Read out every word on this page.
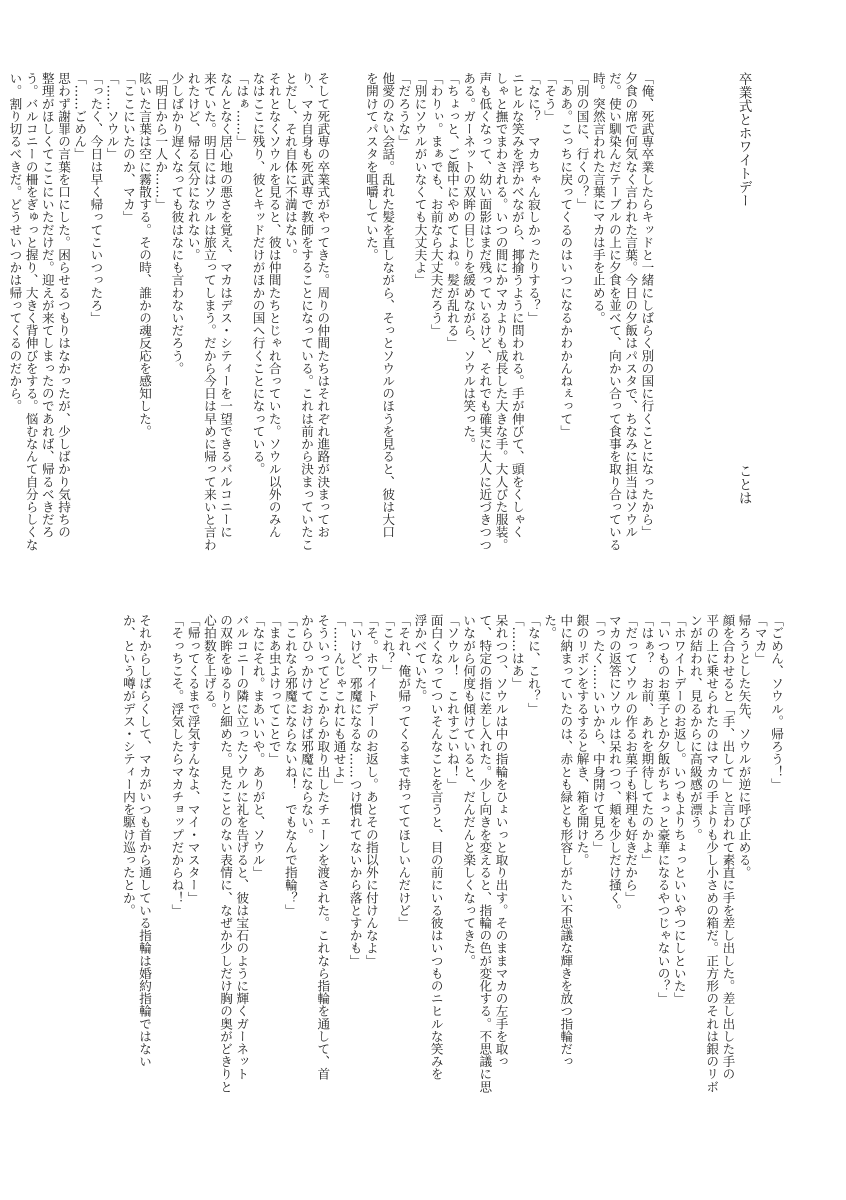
卒業式とホワイトデー　　　　　　　　　　　　　　　　　　　ことは

「俺、死武専卒業したらキッドと一緒にしばらく別の国に行くことになったから」
夕食の席で何気なく言われた言葉。今日の夕飯はパスタで、ちなみに担当はソウル
だ。使い馴染んだテーブルの上に夕食を並べて、向かい合って食事を取り合っている
時。突然言われた言葉にマカは手を止める。
「別の国に、行くの？」
「ああ。こっちに戻ってくるのはいつになるかわかんねぇって」
「そう」
「なに？　マカちゃん寂しかったりする？」
ニヒルな笑みを浮かべながら、揶揄うように問われる。手が伸びて、頭をくしゃく
しゃと撫でまわされる。いつの間にかマカよりも成長した大きな手。大人びた服装。
声も低くなって、幼い面影はまだ残っているけど、それでも確実に大人に近づきつつ
ある。ガーネットの双眸の目じりを緩めながら、ソウルは笑った。
「ちょっと、ご飯中にやめてよね。髪が乱れる」
「わりぃ。まぁでも、お前なら大丈夫だろう」
「別にソウルがいなくても大丈夫よ」
「だろうな」
他愛のない会話。乱れた髪を直しながら、そっとソウルのほうを見ると、彼は大口
を開けてパスタを咀嚼していた。

そして死武専の卒業式がやってきた。周りの仲間たちはそれぞれ進路が決まってお
り、マカ自身も死武専で教師をすることになっている。これは前から決まっていたこ
とだし、それ自体に不満はない。
それとなくソウルを見ると、彼は仲間たちとじゃれ合っていた。ソウル以外のみん
なはここに残り、彼とキッドだけがほかの国へ行くことになっている。
「はぁ……」
なんとなく居心地の悪さを覚え、マカはデス・シティーを一望できるバルコニーに
来ていた。明日にはソウルは旅立ってしまう。だから今日は早めに帰って来いと言わ
れたけど、帰る気分になれない。
少しばかり遅くなっても彼はなにも言わないだろう。
「明日から一人か……」
呟いた言葉は空に霧散する。その時、誰かの魂反応を感知した。
「ここにいたのか、マカ」
「……ソウル」
「ったく、今日は早く帰ってこいつったろ」
「……ごめん」
思わず謝罪の言葉を口にした。困らせるつもりはなかったが、少しばかり気持ちの
整理がほしくてここにいただけだ。迎えが来てしまったのであれば、帰るべきだろ
う。バルコニーの柵をぎゅっと握り、大きく背伸びをする。悩むなんて自分らしくな
い。割り切るべきだ。どうせいつかは帰ってくるのだから。
「ごめん、ソウル。帰ろう！」
「マカ」
帰ろうとした矢先、ソウルが逆に呼び止める。
顔を合わせると「手、出して」と言われて素直に手を差し出した。差し出した手の
平の上に乗せられたのはマカの手よりも少し小さめの箱だ。正方形のそれは銀のリボ
ンが結われ、見るからに高級感が漂う。
「ホワイトデーのお返し。いつもよりちょっといいやつにしといた」
「いつものお菓子とか夕飯がちょっと豪華になるやつじゃないの？」
「はぁ？　お前、あれを期待してたのかよ」
「だってソウルの作るお菓子も料理も好きだから」
マカの返答にソウルは呆れつつ、頬を少しだけ掻く。
「ったく……いいから、中身開けて見ろ」
銀のリボンをするすると解き、箱を開けた。
中に納まっていたのは、赤とも緑とも形容しがたい不思議な輝きを放つ指輪だっ
た。
「なに、これ？」
「……はあ」
呆れつつ、ソウルは中の指輪をひょいっと取り出す。そのままマカの左手を取っ
て、特定の指に差し入れた。少し向きを変えると、指輪の色が変化する。不思議に思
いながら何度も傾けていると、だんだんと楽しくなってきた。
「ソウル！　これすごいね！」
面白くなってついそんなことを言うと、目の前にいる彼はいつものニヒルな笑みを
浮かべていた。
「それ、俺が帰ってくるまで持っててほしいんだけど」
「これ？」
「そ。ホワイトデーのお返し。あとその指以外に付けんなよ」
「いけど、邪魔になるな……つけ慣れてないから落とすかも」
「……んじゃこれにも通せよ」
そういってどこからか取り出したチェーンを渡された。これなら指輪を通して、首
からひっかけておけば邪魔にならない。
「これなら邪魔にならないね！　でもなんで指輪？」
「まあ虫よけってことで」
「なにそれ。まあいいや。ありがと、ソウル」
バルコニーの隣に立ったソウルに礼を告げると、彼は宝石のように輝くガーネット
の双眸をゆるりと細めた。見たことのない表情に、なぜか少しだけ胸の奥がどきりと
心拍数を上げる。
「帰ってくるまで浮気すんなよ、マイ・マスター」
「そっちこそ。浮気したらマカチョップだからね！」

それからしばらくして、マカがいつも首から通している指輪は婚約指輪ではない
か、という噂がデス・シティー内を駆け巡ったとか。
